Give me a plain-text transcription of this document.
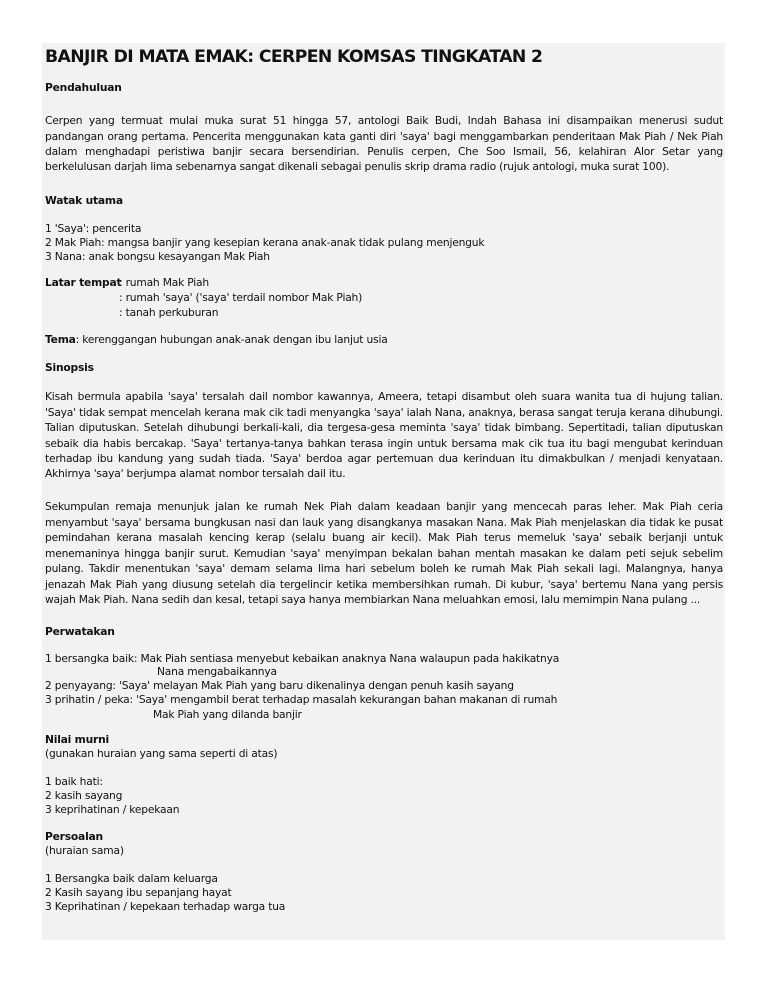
BANJIR DI MATA EMAK: CERPEN KOMSAS TINGKATAN 2
Pendahuluan
Cerpen yang termuat mulai muka surat 51 hingga 57, antologi Baik Budi, Indah Bahasa ini disampaikan menerusi sudut
pandangan orang pertama. Pencerita menggunakan kata ganti diri 'saya' bagi menggambarkan penderitaan Mak Piah / Nek Piah
dalam menghadapi peristiwa banjir secara bersendirian. Penulis cerpen, Che Soo Ismail, 56, kelahiran Alor Setar yang
berkelulusan darjah lima sebenarnya sangat dikenali sebagai penulis skrip drama radio (rujuk antologi, muka surat 100).
Watak utama
1 'Saya': pencerita
2 Mak Piah: mangsa banjir yang kesepian kerana anak-anak tidak pulang menjenguk
3 Nana: anak bongsu kesayangan Mak Piah
Latar tempat
: rumah Mak Piah
: rumah 'saya' ('saya' terdail nombor Mak Piah)
: tanah perkuburan
Tema: kerenggangan hubungan anak-anak dengan ibu lanjut usia
Sinopsis
Kisah bermula apabila 'saya' tersalah dail nombor kawannya, Ameera, tetapi disambut oleh suara wanita tua di hujung talian.
'Saya' tidak sempat mencelah kerana mak cik tadi menyangka 'saya' ialah Nana, anaknya, berasa sangat teruja kerana dihubungi.
Talian diputuskan. Setelah dihubungi berkali-kali, dia tergesa-gesa meminta 'saya' tidak bimbang. Sepertitadi, talian diputuskan
sebaik dia habis bercakap. 'Saya' tertanya-tanya bahkan terasa ingin untuk bersama mak cik tua itu bagi mengubat kerinduan
terhadap ibu kandung yang sudah tiada. 'Saya' berdoa agar pertemuan dua kerinduan itu dimakbulkan / menjadi kenyataan.
Akhirnya 'saya' berjumpa alamat nombor tersalah dail itu.
Sekumpulan remaja menunjuk jalan ke rumah Nek Piah dalam keadaan banjir yang mencecah paras leher. Mak Piah ceria
menyambut 'saya' bersama bungkusan nasi dan lauk yang disangkanya masakan Nana. Mak Piah menjelaskan dia tidak ke pusat
pemindahan kerana masalah kencing kerap (selalu buang air kecil). Mak Piah terus memeluk 'saya' sebaik berjanji untuk
menemaninya hingga banjir surut. Kemudian 'saya' menyimpan bekalan bahan mentah masakan ke dalam peti sejuk sebelim
pulang. Takdir menentukan 'saya' demam selama lima hari sebelum boleh ke rumah Mak Piah sekali lagi. Malangnya, hanya
jenazah Mak Piah yang diusung setelah dia tergelincir ketika membersihkan rumah. Di kubur, 'saya' bertemu Nana yang persis
wajah Mak Piah. Nana sedih dan kesal, tetapi saya hanya membiarkan Nana meluahkan emosi, lalu memimpin Nana pulang ...
Perwatakan
1 bersangka baik: Mak Piah sentiasa menyebut kebaikan anaknya Nana walaupun pada hakikatnya
Nana mengabaikannya
2 penyayang: 'Saya' melayan Mak Piah yang baru dikenalinya dengan penuh kasih sayang
3 prihatin / peka: 'Saya' mengambil berat terhadap masalah kekurangan bahan makanan di rumah
Mak Piah yang dilanda banjir
Nilai murni
(gunakan huraian yang sama seperti di atas)
1 baik hati:
2 kasih sayang
3 keprihatinan / kepekaan
Persoalan
(huraian sama)
1 Bersangka baik dalam keluarga
2 Kasih sayang ibu sepanjang hayat
3 Keprihatinan / kepekaan terhadap warga tua
